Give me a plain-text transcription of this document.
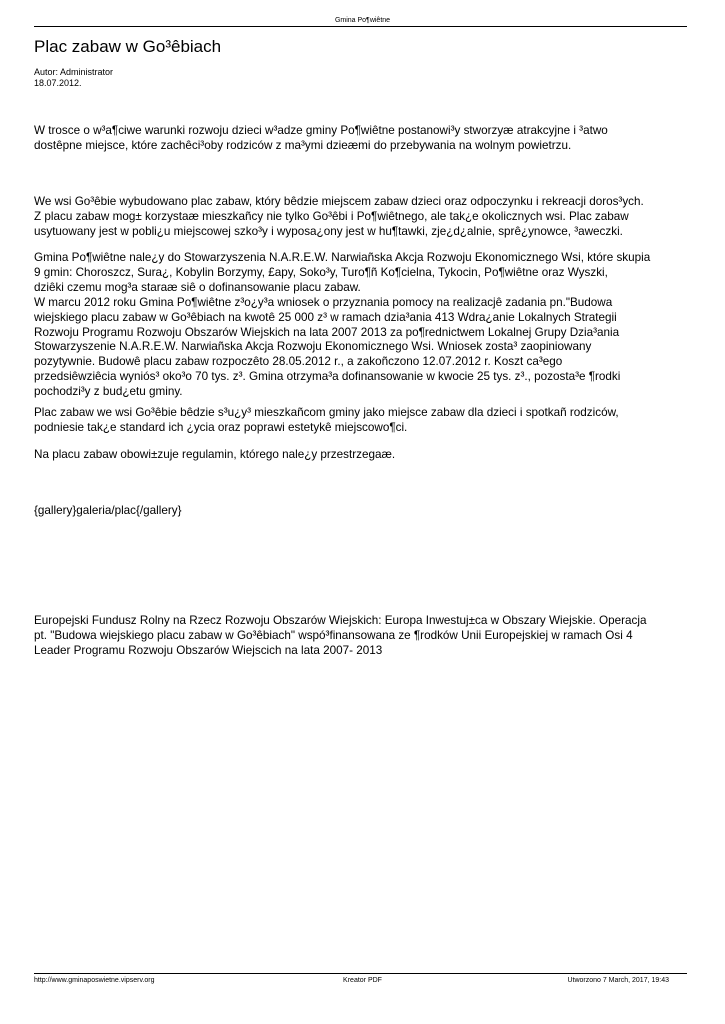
Gmina Po¶wiêtne
Plac zabaw w Go³êbiach
Autor: Administrator
18.07.2012.
W trosce o w³a¶ciwe warunki rozwoju dzieci w³adze gminy Po¶wiêtne postanowi³y stworzyæ atrakcyjne i ³atwo
dostêpne miejsce, które zachêci³oby rodziców z ma³ymi dzieæmi do przebywania na wolnym powietrzu.
We wsi Go³êbie wybudowano plac zabaw, który bêdzie miejscem zabaw dzieci oraz odpoczynku i rekreacji doros³ych.
Z placu zabaw mog± korzystaæ mieszkañcy nie tylko Go³êbi i Po¶wiêtnego, ale tak¿e okolicznych wsi. Plac zabaw
usytuowany jest w pobli¿u miejscowej szko³y i wyposa¿ony jest w hu¶tawki, zje¿d¿alnie, sprê¿ynowce, ³aweczki.
Gmina Po¶wiêtne nale¿y do Stowarzyszenia N.A.R.E.W. Narwiañska Akcja Rozwoju Ekonomicznego Wsi, które skupia
9 gmin: Choroszcz, Sura¿, Kobylin Borzymy, £apy, Soko³y, Turo¶ñ Ko¶cielna, Tykocin, Po¶wiêtne oraz Wyszki,
dziêki czemu mog³a staraæ siê o dofinansowanie placu zabaw.
W marcu 2012 roku Gmina Po¶wiêtne z³o¿y³a wniosek o przyznania pomocy na realizacjê zadania pn."Budowa
wiejskiego placu zabaw w Go³êbiach na kwotê 25 000 z³ w ramach dzia³ania 413 Wdra¿anie Lokalnych Strategii
Rozwoju Programu Rozwoju Obszarów Wiejskich na lata 2007 2013 za po¶rednictwem Lokalnej Grupy Dzia³ania
Stowarzyszenie N.A.R.E.W. Narwiañska Akcja Rozwoju Ekonomicznego Wsi. Wniosek zosta³ zaopiniowany
pozytywnie. Budowê placu zabaw rozpoczêto 28.05.2012 r., a zakoñczono 12.07.2012 r. Koszt ca³ego
przedsiêwziêcia wyniós³ oko³o 70 tys. z³. Gmina otrzyma³a dofinansowanie w kwocie 25 tys. z³., pozosta³e ¶rodki
pochodzi³y z bud¿etu gminy.
Plac zabaw we wsi Go³êbie bêdzie s³u¿y³ mieszkañcom gminy jako miejsce zabaw dla dzieci i spotkañ rodziców,
podniesie tak¿e standard ich ¿ycia oraz poprawi estetykê miejscowo¶ci.
Na placu zabaw obowi±zuje regulamin, którego nale¿y przestrzegaæ.
{gallery}galeria/plac{/gallery}
Europejski Fundusz Rolny na Rzecz Rozwoju Obszarów Wiejskich: Europa Inwestuj±ca w Obszary Wiejskie. Operacja
pt. "Budowa wiejskiego placu zabaw w Go³êbiach" wspó³finansowana ze ¶rodków Unii Europejskiej w ramach Osi 4
Leader Programu Rozwoju Obszarów Wiejscich na lata 2007- 2013
Kreator PDF
http://www.gminaposwietne.vipserv.org	Utworzono 7 March, 2017, 19:43
